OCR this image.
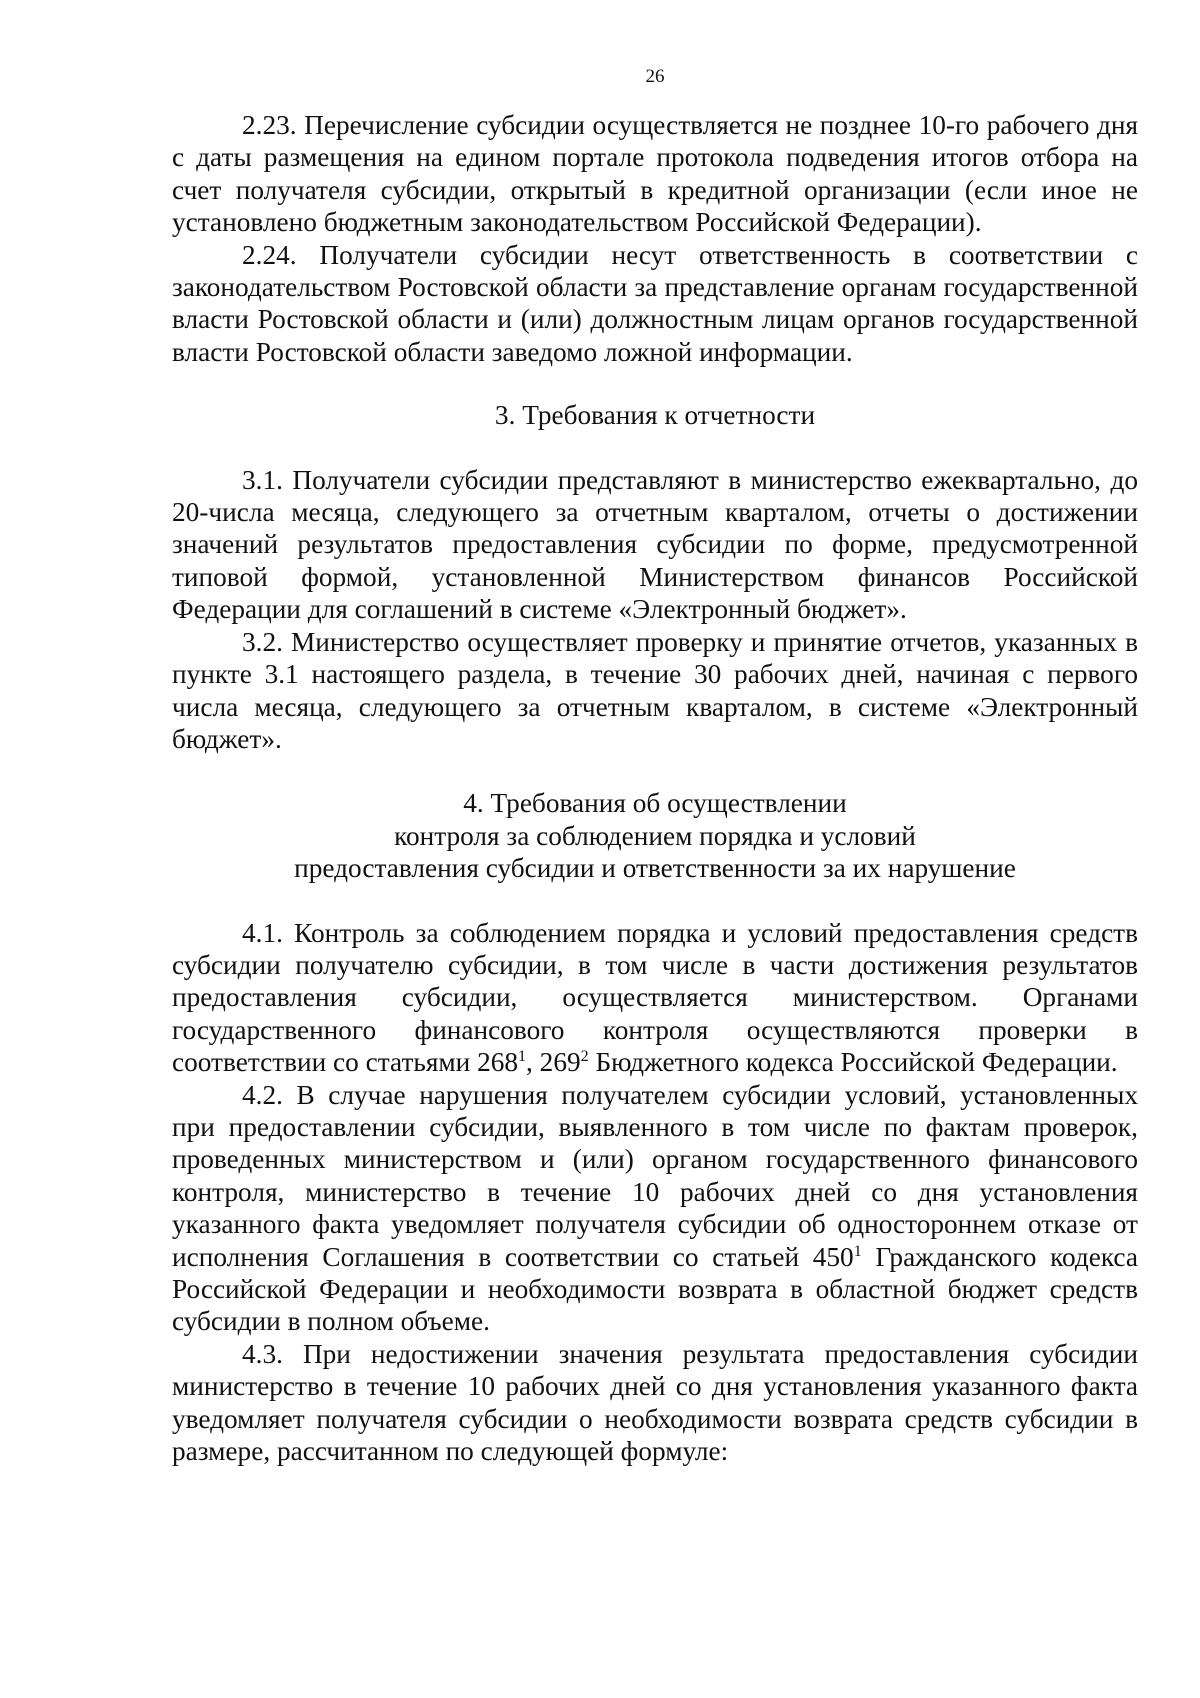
26

2.23. Перечисление субсидии осуществляется не позднее 10-го рабочего дня с даты размещения на едином портале протокола подведения итогов отбора на счет получателя субсидии, открытый в кредитной организации (если иное не установлено бюджетным законодательством Российской Федерации).

2.24. Получатели субсидии несут ответственность в соответствии с законодательством Ростовской области за представление органам государственной власти Ростовской области и (или) должностным лицам органов государственной власти Ростовской области заведомо ложной информации.

3. Требования к отчетности

3.1. Получатели субсидии представляют в министерство ежеквартально, до 20-числа месяца, следующего за отчетным кварталом, отчеты о достижении значений результатов предоставления субсидии по форме, предусмотренной типовой формой, установленной Министерством финансов Российской Федерации для соглашений в системе «Электронный бюджет».

3.2. Министерство осуществляет проверку и принятие отчетов, указанных в пункте 3.1 настоящего раздела, в течение 30 рабочих дней, начиная с первого числа месяца, следующего за отчетным кварталом, в системе «Электронный бюджет».

4. Требования об осуществлении
контроля за соблюдением порядка и условий
предоставления субсидии и ответственности за их нарушение

4.1. Контроль за соблюдением порядка и условий предоставления средств субсидии получателю субсидии, в том числе в части достижения результатов предоставления субсидии, осуществляется министерством. Органами государственного финансового контроля осуществляются проверки в соответствии со статьями $268^1$, $269^2$ Бюджетного кодекса Российской Федерации.

4.2. В случае нарушения получателем субсидии условий, установленных при предоставлении субсидии, выявленного в том числе по фактам проверок, проведенных министерством и (или) органом государственного финансового контроля, министерство в течение 10 рабочих дней со дня установления указанного факта уведомляет получателя субсидии об одностороннем отказе от исполнения Соглашения в соответствии со статьей $450^1$ Гражданского кодекса Российской Федерации и необходимости возврата в областной бюджет средств субсидии в полном объеме.

4.3. При недостижении значения результата предоставления субсидии министерство в течение 10 рабочих дней со дня установления указанного факта уведомляет получателя субсидии о необходимости возврата средств субсидии в размере, рассчитанном по следующей формуле:
